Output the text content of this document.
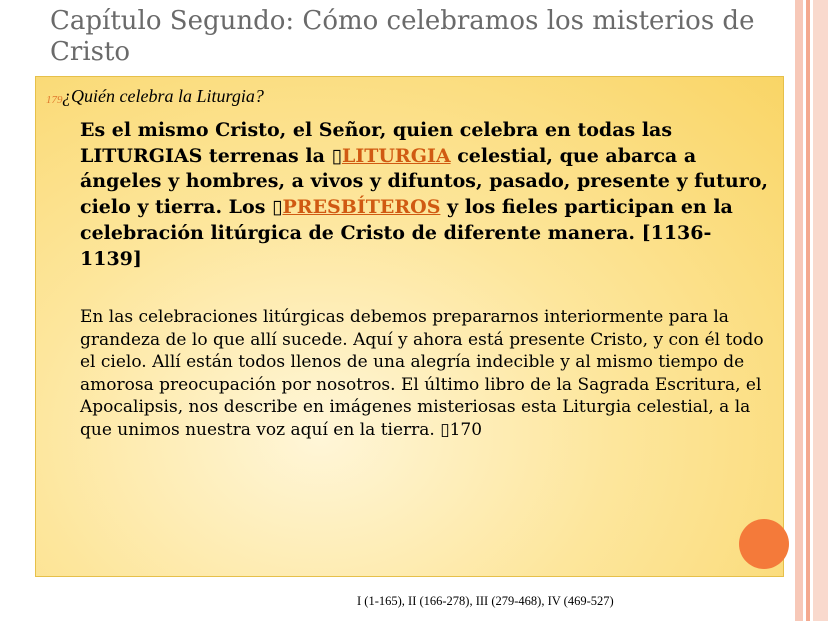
Capítulo Segundo: Cómo celebramos los misterios de Cristo
179.
¿Quién celebra la Liturgia?
Es el mismo Cristo, el Señor, quien celebra en todas las LITURGIAS terrenas la ▯LITURGIA celestial, que abarca a ángeles y hombres, a vivos y difuntos, pasado, presente y futuro, cielo y tierra. Los ▯PRESBÍTEROS y los fieles participan en la celebración litúrgica de Cristo de diferente manera. [1136-1139]
En las celebraciones litúrgicas debemos prepararnos interiormente para la grandeza de lo que allí sucede. Aquí y ahora está presente Cristo, y con él todo el cielo. Allí están todos llenos de una alegría indecible y al mismo tiempo de amorosa preocupación por nosotros. El último libro de la Sagrada Escritura, el Apocalipsis, nos describe en imágenes misteriosas esta Liturgia celestial, a la que unimos nuestra voz aquí en la tierra. ▯170
I (1-165), II (166-278), III (279-468), IV (469-527)
